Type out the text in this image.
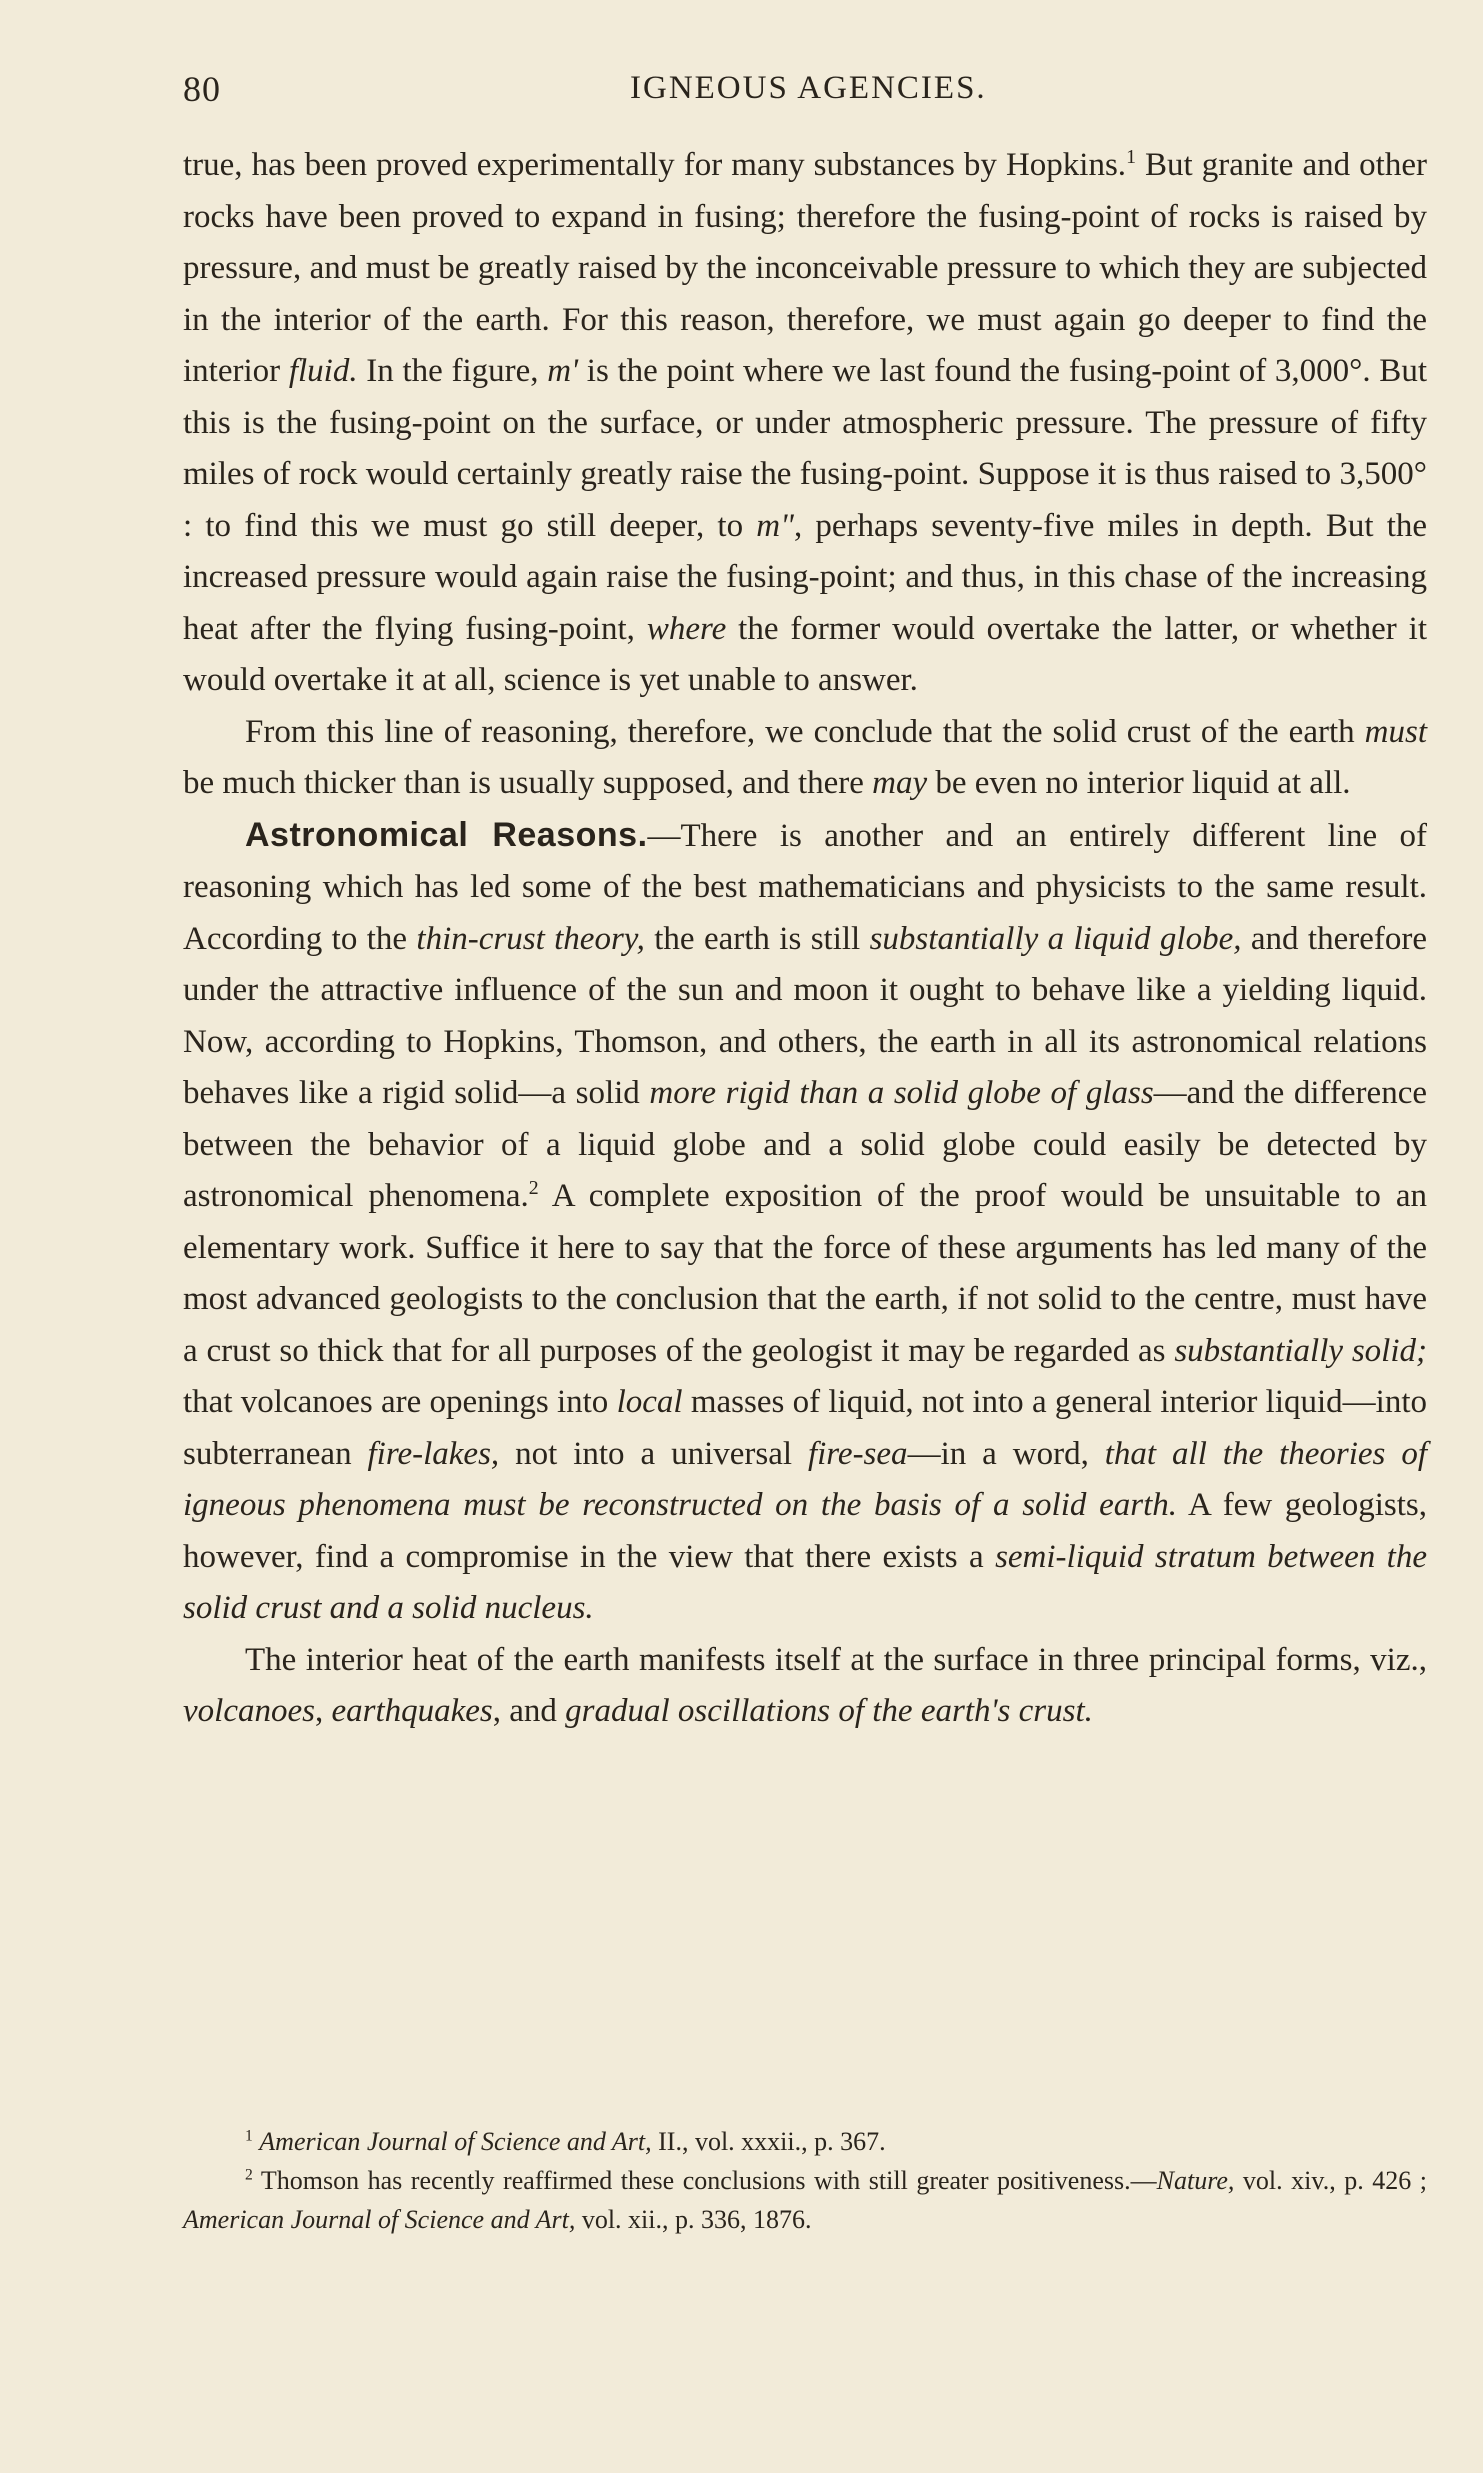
80	IGNEOUS AGENCIES.

true, has been proved experimentally for many substances by Hopkins.$^1$ But granite and other rocks have been proved to expand in fusing; therefore the fusing-point of rocks is raised by pressure, and must be greatly raised by the inconceivable pressure to which they are subjected in the interior of the earth. For this reason, therefore, we must again go deeper to find the interior fluid. In the figure, m' is the point where we last found the fusing-point of 3,000°. But this is the fusing-point on the surface, or under atmospheric pressure. The pressure of fifty miles of rock would certainly greatly raise the fusing-point. Suppose it is thus raised to 3,500° : to find this we must go still deeper, to m", perhaps seventy-five miles in depth. But the increased pressure would again raise the fusing-point; and thus, in this chase of the increasing heat after the flying fusing-point, where the former would overtake the latter, or whether it would overtake it at all, science is yet unable to answer.

From this line of reasoning, therefore, we conclude that the solid crust of the earth must be much thicker than is usually supposed, and there may be even no interior liquid at all.

Astronomical Reasons.—There is another and an entirely different line of reasoning which has led some of the best mathematicians and physicists to the same result. According to the thin-crust theory, the earth is still substantially a liquid globe, and therefore under the attractive influence of the sun and moon it ought to behave like a yielding liquid. Now, according to Hopkins, Thomson, and others, the earth in all its astronomical relations behaves like a rigid solid—a solid more rigid than a solid globe of glass—and the difference between the behavior of a liquid globe and a solid globe could easily be detected by astronomical phenomena.$^2$ A complete exposition of the proof would be unsuitable to an elementary work. Suffice it here to say that the force of these arguments has led many of the most advanced geologists to the conclusion that the earth, if not solid to the centre, must have a crust so thick that for all purposes of the geologist it may be regarded as substantially solid; that volcanoes are openings into local masses of liquid, not into a general interior liquid—into subterranean fire-lakes, not into a universal fire-sea—in a word, that all the theories of igneous phenomena must be reconstructed on the basis of a solid earth. A few geologists, however, find a compromise in the view that there exists a semi-liquid stratum between the solid crust and a solid nucleus.

The interior heat of the earth manifests itself at the surface in three principal forms, viz., volcanoes, earthquakes, and gradual oscillations of the earth's crust.

$^1$ American Journal of Science and Art, II., vol. xxxii., p. 367.

$^2$ Thomson has recently reaffirmed these conclusions with still greater positiveness.—Nature, vol. xiv., p. 426 ; American Journal of Science and Art, vol. xii., p. 336, 1876.
